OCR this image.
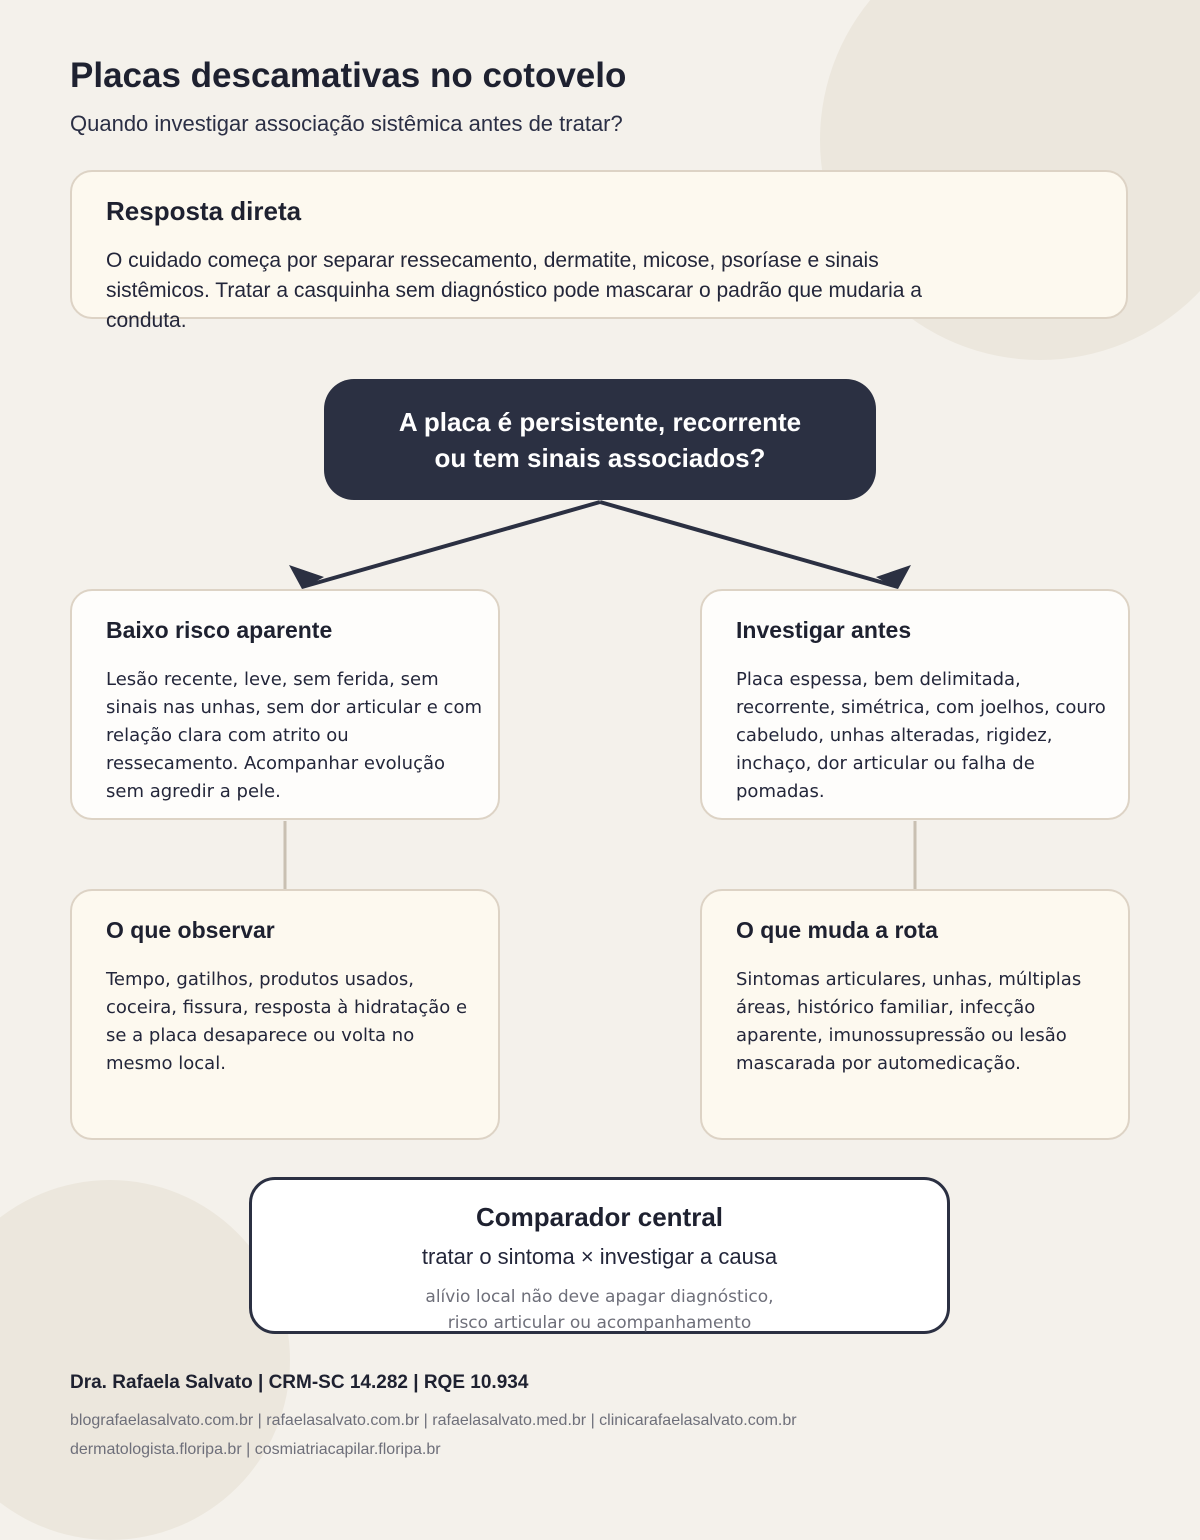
Placas descamativas no cotovelo

Quando investigar associação sistêmica antes de tratar?

Resposta direta

O cuidado começa por separar ressecamento, dermatite, micose, psoríase e sinais sistêmicos. Tratar a casquinha sem diagnóstico pode mascarar o padrão que mudaria a conduta.

A placa é persistente, recorrente
ou tem sinais associados?
Baixo risco aparente

Lesão recente, leve, sem ferida, sem sinais nas unhas, sem dor articular e com relação clara com atrito ou ressecamento. Acompanhar evolução sem agredir a pele.

Investigar antes

Placa espessa, bem delimitada, recorrente, simétrica, com joelhos, couro cabeludo, unhas alteradas, rigidez, inchaço, dor articular ou falha de pomadas.

O que observar

Tempo, gatilhos, produtos usados, coceira, fissura, resposta à hidratação e se a placa desaparece ou volta no mesmo local.

O que muda a rota

Sintomas articulares, unhas, múltiplas áreas, histórico familiar, infecção aparente, imunossupressão ou lesão mascarada por automedicação.

Comparador central

tratar o sintoma × investigar a causa

alívio local não deve apagar diagnóstico,
risco articular ou acompanhamento

Dra. Rafaela Salvato | CRM-SC 14.282 | RQE 10.934

blografaelasalvato.com.br | rafaelasalvato.com.br | rafaelasalvato.med.br | clinicarafaelasalvato.com.br
dermatologista.floripa.br | cosmiatriacapilar.floripa.br
